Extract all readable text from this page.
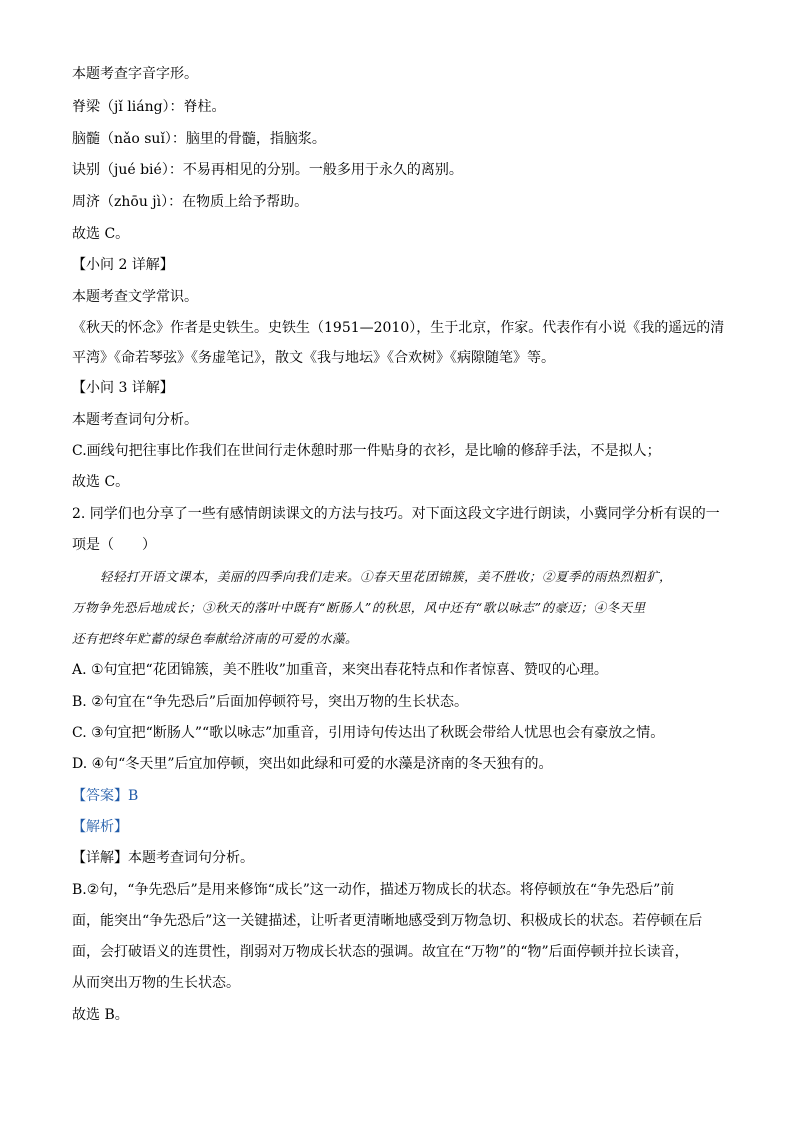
本题考查字音字形。
脊梁（jǐ liáng）：脊柱。
脑髓（nǎo suǐ）：脑里的骨髓，指脑浆。
诀别（jué bié）：不易再相见的分别。一般多用于永久的离别。
周济（zhōu jì）：在物质上给予帮助。
故选 C。
【小问 2 详解】
本题考查文学常识。
《秋天的怀念》作者是史铁生。史铁生（1951—2010），生于北京，作家。代表作有小说《我的遥远的清
平湾》《命若琴弦》《务虚笔记》，散文《我与地坛》《合欢树》《病隙随笔》等。
【小问 3 详解】
本题考查词句分析。
C.画线句把往事比作我们在世间行走休憩时那一件贴身的衣衫，是比喻的修辞手法，不是拟人；
故选 C。
2. 同学们也分享了一些有感情朗读课文的方法与技巧。对下面这段文字进行朗读，小冀同学分析有误的一
项是（　　）
轻轻打开语文课本，美丽的四季向我们走来。①春天里花团锦簇，美不胜收；②夏季的雨热烈粗犷，
万物争先恐后地成长；③秋天的落叶中既有“断肠人”的秋思，风中还有“歌以咏志”的豪迈；④冬天里
还有把终年贮蓄的绿色奉献给济南的可爱的水藻。
A. ①句宜把“花团锦簇，美不胜收”加重音，来突出春花特点和作者惊喜、赞叹的心理。
B. ②句宜在“争先恐后”后面加停顿符号，突出万物的生长状态。
C. ③句宜把“断肠人”“歌以咏志”加重音，引用诗句传达出了秋既会带给人忧思也会有豪放之情。
D. ④句“冬天里”后宜加停顿，突出如此绿和可爱的水藻是济南的冬天独有的。
【答案】B
【解析】
【详解】本题考查词句分析。
B.②句，“争先恐后”是用来修饰“成长”这一动作，描述万物成长的状态。将停顿放在“争先恐后”前
面，能突出“争先恐后”这一关键描述，让听者更清晰地感受到万物急切、积极成长的状态。若停顿在后
面，会打破语义的连贯性，削弱对万物成长状态的强调。故宜在“万物”的“物”后面停顿并拉长读音，
从而突出万物的生长状态。
故选 B。
